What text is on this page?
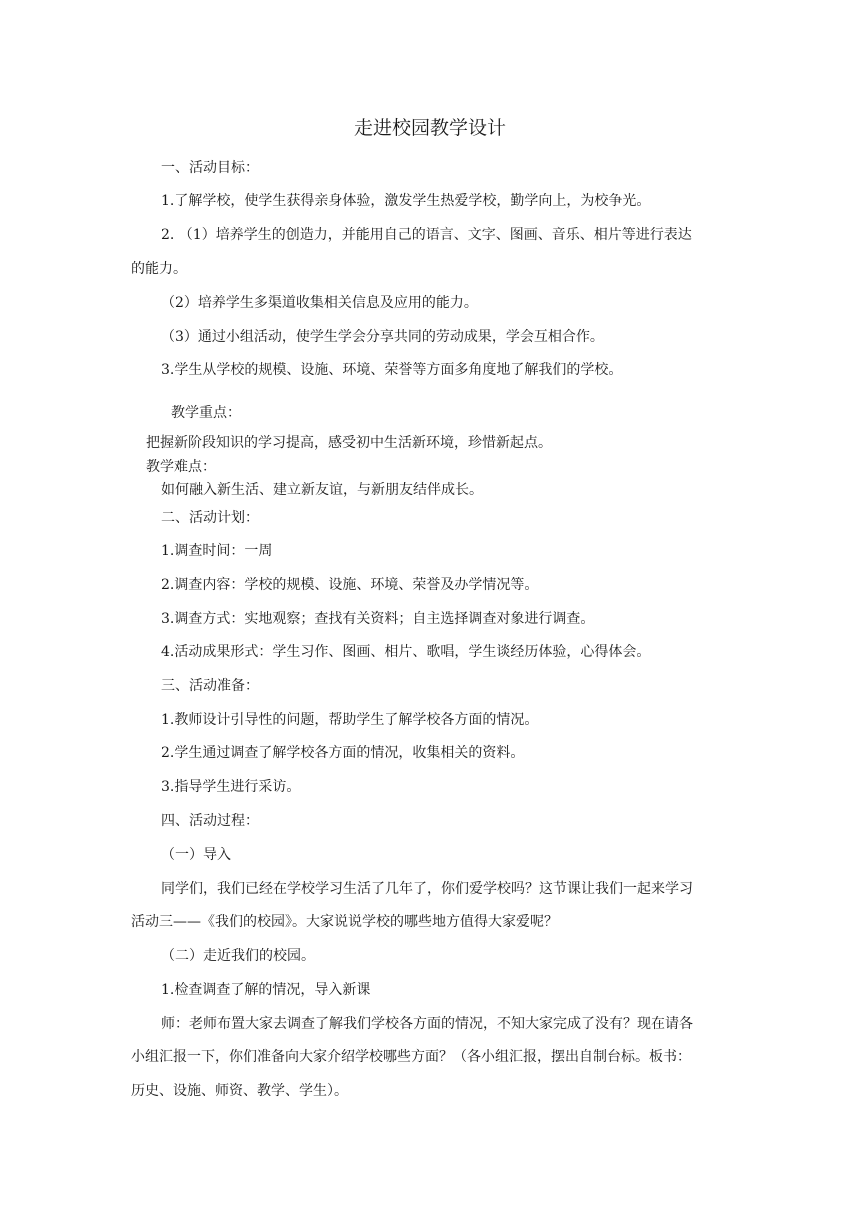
走进校园教学设计
一、活动目标：
1.了解学校，使学生获得亲身体验，激发学生热爱学校，勤学向上，为校争光。
2. （1）培养学生的创造力，并能用自己的语言、文字、图画、音乐、相片等进行表达
的能力。
（2）培养学生多渠道收集相关信息及应用的能力。
（3）通过小组活动，使学生学会分享共同的劳动成果，学会互相合作。
3.学生从学校的规模、设施、环境、荣誉等方面多角度地了解我们的学校。
教学重点：
把握新阶段知识的学习提高，感受初中生活新环境，珍惜新起点。
教学难点：
如何融入新生活、建立新友谊，与新朋友结伴成长。
二、活动计划：
1.调查时间：一周
2.调查内容：学校的规模、设施、环境、荣誉及办学情况等。
3.调查方式：实地观察；查找有关资料；自主选择调查对象进行调查。
4.活动成果形式：学生习作、图画、相片、歌唱，学生谈经历体验，心得体会。
三、活动准备：
1.教师设计引导性的问题，帮助学生了解学校各方面的情况。
2.学生通过调查了解学校各方面的情况，收集相关的资料。
3.指导学生进行采访。
四、活动过程：
（一）导入
同学们，我们已经在学校学习生活了几年了，你们爱学校吗？这节课让我们一起来学习
活动三——《我们的校园》。大家说说学校的哪些地方值得大家爱呢？
（二）走近我们的校园。
1.检查调查了解的情况，导入新课
师：老师布置大家去调查了解我们学校各方面的情况，不知大家完成了没有？现在请各
小组汇报一下，你们准备向大家介绍学校哪些方面？（各小组汇报，摆出自制台标。板书：
历史、设施、师资、教学、学生）。
